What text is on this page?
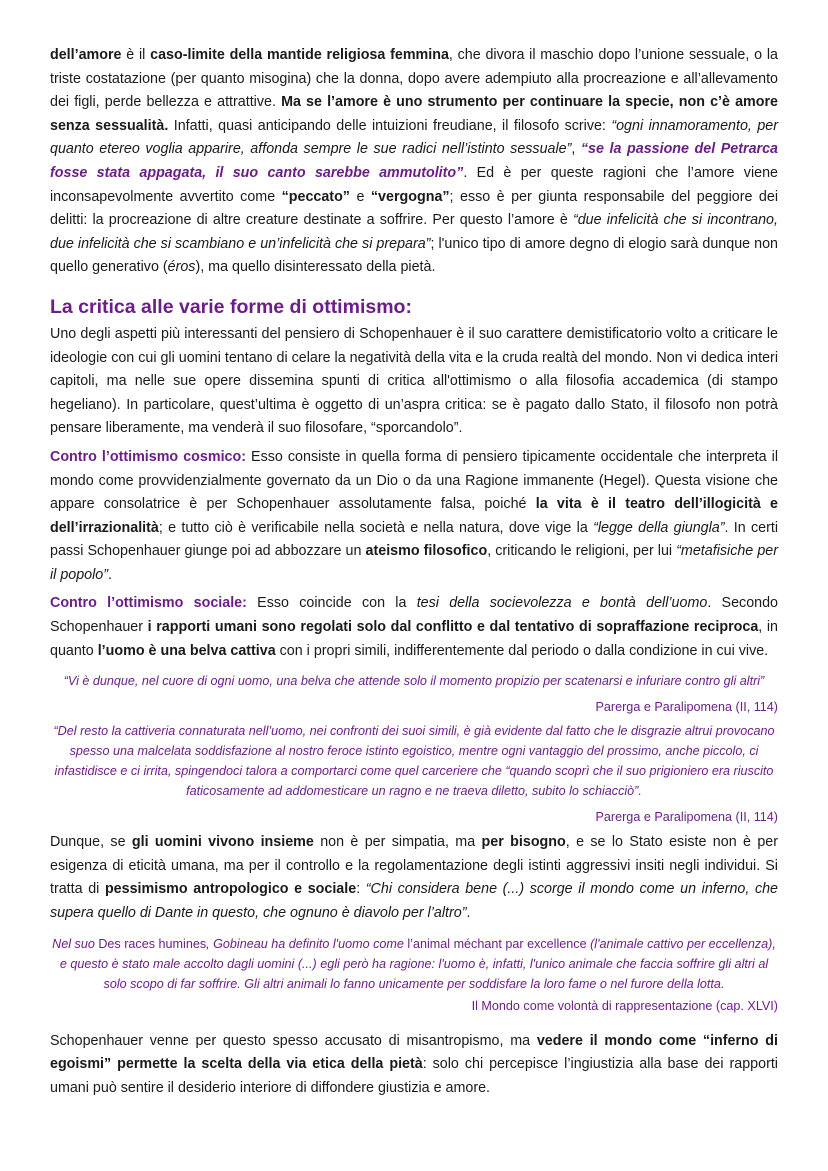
dell’amore è il caso-limite della mantide religiosa femmina, che divora il maschio dopo l’unione sessuale, o la triste costatazione (per quanto misogina) che la donna, dopo avere adempiuto alla procreazione e all’allevamento dei figli, perde bellezza e attrattive. Ma se l’amore è uno strumento per continuare la specie, non c’è amore senza sessualità. Infatti, quasi anticipando delle intuizioni freudiane, il filosofo scrive: “ogni innamoramento, per quanto etereo voglia apparire, affonda sempre le sue radici nell’istinto sessuale”, “se la passione del Petrarca fosse stata appagata, il suo canto sarebbe ammutolito”. Ed è per queste ragioni che l’amore viene inconsapevolmente avvertito come “peccato” e “vergogna”; esso è per giunta responsabile del peggiore dei delitti: la procreazione di altre creature destinate a soffrire. Per questo l’amore è “due infelicità che si incontrano, due infelicità che si scambiano e un’infelicità che si prepara”; l'unico tipo di amore degno di elogio sarà dunque non quello generativo (éros), ma quello disinteressato della pietà.

La critica alle varie forme di ottimismo:

Uno degli aspetti più interessanti del pensiero di Schopenhauer è il suo carattere demistificatorio volto a criticare le ideologie con cui gli uomini tentano di celare la negatività della vita e la cruda realtà del mondo. Non vi dedica interi capitoli, ma nelle sue opere dissemina spunti di critica all'ottimismo o alla filosofia accademica (di stampo hegeliano). In particolare, quest’ultima è oggetto di un’aspra critica: se è pagato dallo Stato, il filosofo non potrà pensare liberamente, ma venderà il suo filosofare, “sporcandolo”.

Contro l’ottimismo cosmico: Esso consiste in quella forma di pensiero tipicamente occidentale che interpreta il mondo come provvidenzialmente governato da un Dio o da una Ragione immanente (Hegel). Questa visione che appare consolatrice è per Schopenhauer assolutamente falsa, poiché la vita è il teatro dell’illogicità e dell’irrazionalità; e tutto ciò è verificabile nella società e nella natura, dove vige la “legge della giungla”. In certi passi Schopenhauer giunge poi ad abbozzare un ateismo filosofico, criticando le religioni, per lui “metafisiche per il popolo”.

Contro l’ottimismo sociale: Esso coincide con la tesi della socievolezza e bontà dell’uomo. Secondo Schopenhauer i rapporti umani sono regolati solo dal conflitto e dal tentativo di sopraffazione reciproca, in quanto l’uomo è una belva cattiva con i propri simili, indifferentemente dal periodo o dalla condizione in cui vive.

“Vi è dunque, nel cuore di ogni uomo, una belva che attende solo il momento propizio per scatenarsi e infuriare contro gli altri”
Parerga e Paralipomena (II, 114)
“Del resto la cattiveria connaturata nell’uomo, nei confronti dei suoi simili, è già evidente dal fatto che le disgrazie altrui provocano spesso una malcelata soddisfazione al nostro feroce istinto egoistico, mentre ogni vantaggio del prossimo, anche piccolo, ci infastidisce e ci irrita, spingendoci talora a comportarci come quel carceriere che “quando scoprì che il suo prigioniero era riuscito faticosamente ad addomesticare un ragno e ne traeva diletto, subito lo schiacciò”.
Parerga e Paralipomena (II, 114)

Dunque, se gli uomini vivono insieme non è per simpatia, ma per bisogno, e se lo Stato esiste non è per esigenza di eticità umana, ma per il controllo e la regolamentazione degli istinti aggressivi insiti negli individui. Si tratta di pessimismo antropologico e sociale: “Chi considera bene (...) scorge il mondo come un inferno, che supera quello di Dante in questo, che ognuno è diavolo per l’altro”.

Nel suo Des races humines, Gobineau ha definito l'uomo come l’animal méchant par excellence (l'animale cattivo per eccellenza), e questo è stato male accolto dagli uomini (...) egli però ha ragione: l'uomo è, infatti, l'unico animale che faccia soffrire gli altri al solo scopo di far soffrire. Gli altri animali lo fanno unicamente per soddisfare la loro fame o nel furore della lotta.
Il Mondo come volontà di rappresentazione (cap. XLVI)

Schopenhauer venne per questo spesso accusato di misantropismo, ma vedere il mondo come “inferno di egoismi” permette la scelta della via etica della pietà: solo chi percepisce l’ingiustizia alla base dei rapporti umani può sentire il desiderio interiore di diffondere giustizia e amore.
